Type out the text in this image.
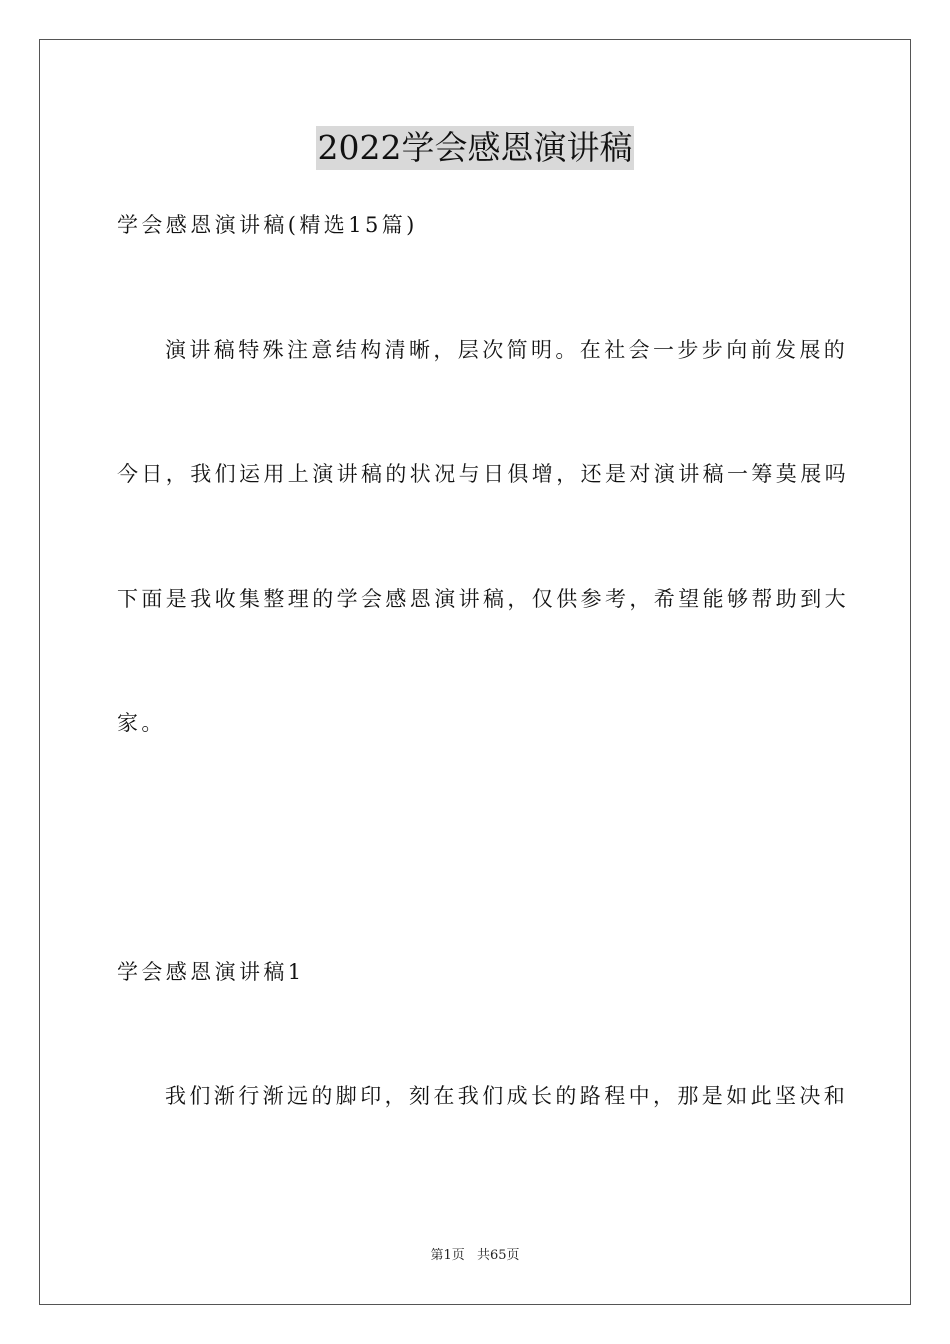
2022学会感恩演讲稿
学会感恩演讲稿(精选15篇)
演讲稿特殊注意结构清晰，层次简明。在社会一步步向前发展的
今日，我们运用上演讲稿的状况与日俱增，还是对演讲稿一筹莫展吗
下面是我收集整理的学会感恩演讲稿，仅供参考，希望能够帮助到大
家。
学会感恩演讲稿1
我们渐行渐远的脚印，刻在我们成长的路程中，那是如此坚决和
第1页 共65页
